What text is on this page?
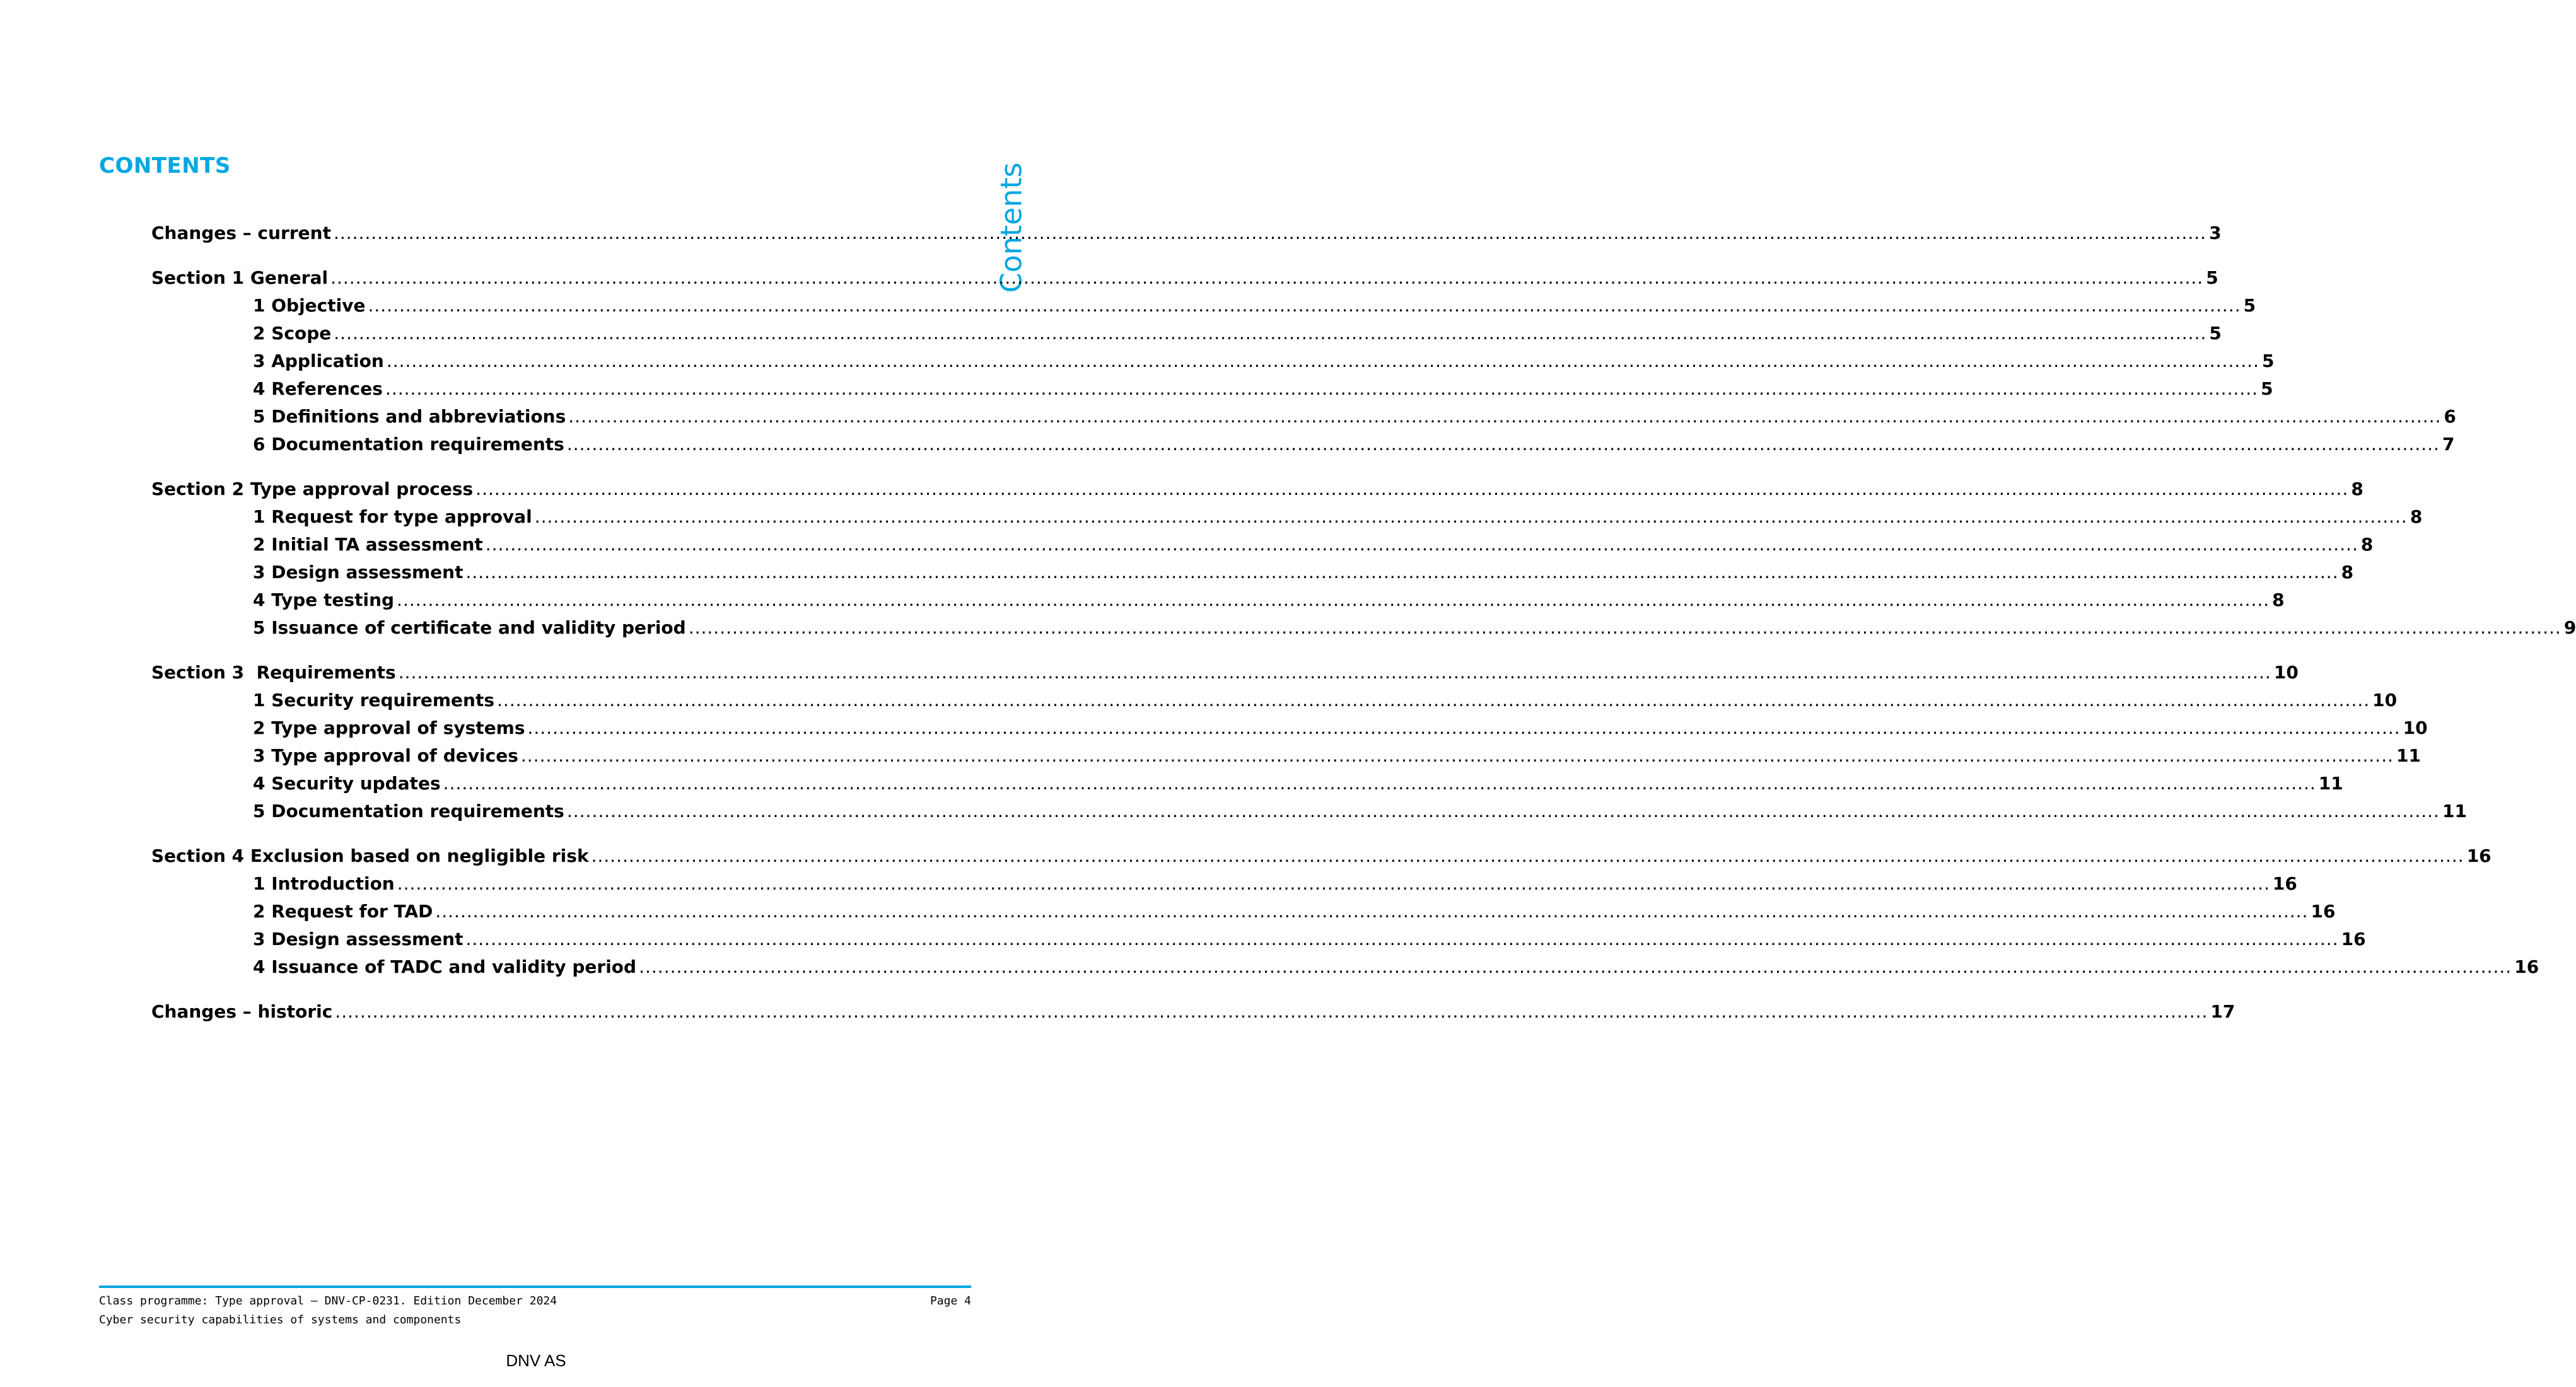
CONTENTS	Contents
Changes – current ............................................................................................................................................................................................................................................................................................................ 3
Section 1 General ............................................................................................................................................................................................................................................................................................................ 5
1 Objective ............................................................................................................................................................................................................................................................................................................ 5
2 Scope ............................................................................................................................................................................................................................................................................................................ 5
3 Application ............................................................................................................................................................................................................................................................................................................ 5
4 References ............................................................................................................................................................................................................................................................................................................ 5
5 Definitions and abbreviations ............................................................................................................................................................................................................................................................................................................ 6
6 Documentation requirements ............................................................................................................................................................................................................................................................................................................ 7
Section 2 Type approval process ............................................................................................................................................................................................................................................................................................................ 8
1 Request for type approval ............................................................................................................................................................................................................................................................................................................ 8
2 Initial TA assessment ............................................................................................................................................................................................................................................................................................................ 8
3 Design assessment ............................................................................................................................................................................................................................................................................................................ 8
4 Type testing ............................................................................................................................................................................................................................................................................................................ 8
5 Issuance of certificate and validity period ............................................................................................................................................................................................................................................................................................................ 9
Section 3  Requirements ............................................................................................................................................................................................................................................................................................................ 10
1 Security requirements ............................................................................................................................................................................................................................................................................................................ 10
2 Type approval of systems ............................................................................................................................................................................................................................................................................................................ 10
3 Type approval of devices ............................................................................................................................................................................................................................................................................................................ 11
4 Security updates ............................................................................................................................................................................................................................................................................................................ 11
5 Documentation requirements ............................................................................................................................................................................................................................................................................................................ 11
Section 4 Exclusion based on negligible risk ............................................................................................................................................................................................................................................................................................................ 16
1 Introduction ............................................................................................................................................................................................................................................................................................................ 16
2 Request for TAD ............................................................................................................................................................................................................................................................................................................ 16
3 Design assessment ............................................................................................................................................................................................................................................................................................................ 16
4 Issuance of TADC and validity period ............................................................................................................................................................................................................................................................................................................ 16
Changes – historic ............................................................................................................................................................................................................................................................................................................ 17
Class programme: Type approval — DNV-CP-0231. Edition December 2024	Page 4
Cyber security capabilities of systems and components
DNV AS
